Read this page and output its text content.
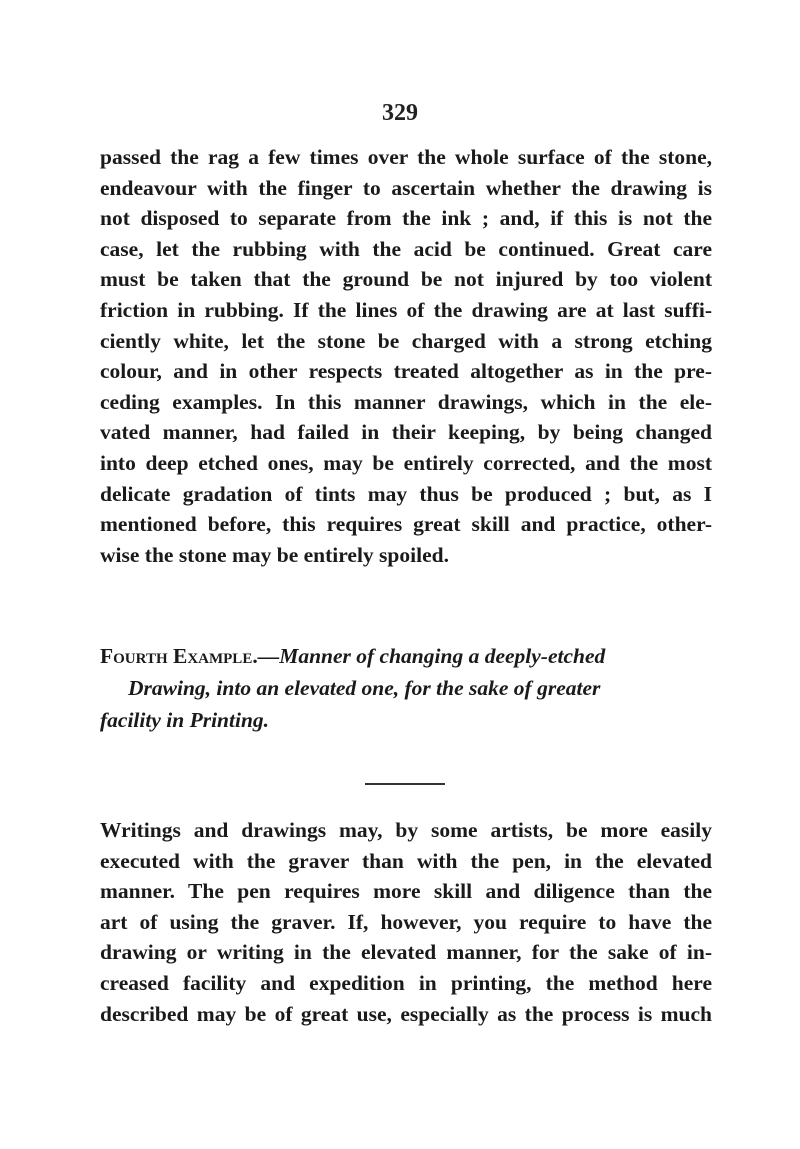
329

passed the rag a few times over the whole surface of the stone,

endeavour with the finger to ascertain whether the drawing is

not disposed to separate from the ink ; and, if this is not the

case, let the rubbing with the acid be continued. Great care

must be taken that the ground be not injured by too violent

friction in rubbing. If the lines of the drawing are at last suffi-

ciently white, let the stone be charged with a strong etching

colour, and in other respects treated altogether as in the pre-

ceding examples. In this manner drawings, which in the ele-

vated manner, had failed in their keeping, by being changed

into deep etched ones, may be entirely corrected, and the most

delicate gradation of tints may thus be produced ; but, as I

mentioned before, this requires great skill and practice, other-

wise the stone may be entirely spoiled.

Fourth Example.—Manner of changing a deeply-etched
Drawing, into an elevated one, for the sake of greater
facility in Printing.

Writings and drawings may, by some artists, be more easily

executed with the graver than with the pen, in the elevated

manner. The pen requires more skill and diligence than the

art of using the graver. If, however, you require to have the

drawing or writing in the elevated manner, for the sake of in-

creased facility and expedition in printing, the method here

described may be of great use, especially as the process is much
